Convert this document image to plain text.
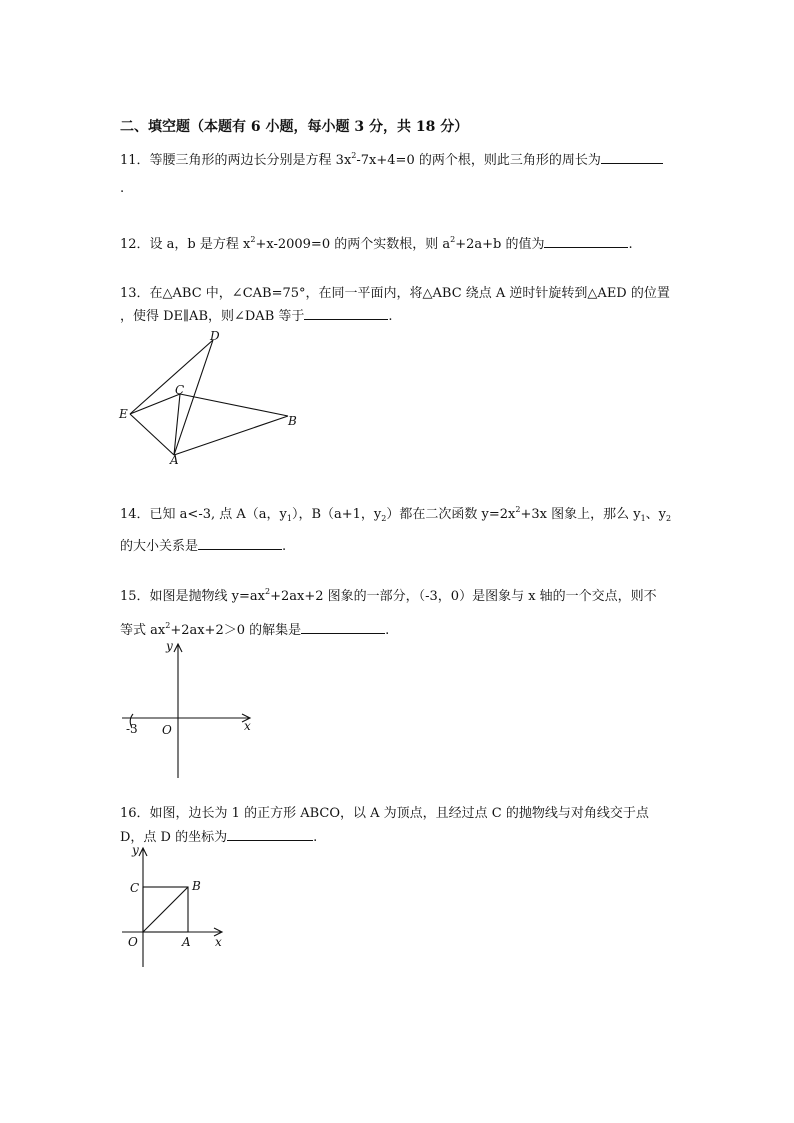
二、填空题（本题有 6 小题，每小题 3 分，共 18 分）
11．等腰三角形的两边长分别是方程 $3x^2-7x+4=0$ 的两个根，则此三角形的周长为
.
12．设 a，b 是方程 $x^2+x-2009=0$ 的两个实数根，则 $a^2+2a+b$ 的值为	.
13．在△ABC 中，∠CAB=75°，在同一平面内，将△ABC 绕点 A 逆时针旋转到△AED 的位置
，使得 DE∥AB，则∠DAB 等于	.
D
C
E	B
A
14．已知 a<-3, 点 A（a，$y_1$），B（a+1，$y_2$）都在二次函数 $y=2x^2+3x$ 图象上，那么 $y_1$、$y_2$
的大小关系是	.
15．如图是抛物线 $y=ax^2+2ax+2$ 图象的一部分，（-3，0）是图象与 x 轴的一个交点，则不
等式 $ax^2+2ax+2>0$ 的解集是	.
y
x
O
-3
16．如图，边长为 1 的正方形 ABCO，以 A 为顶点，且经过点 C 的抛物线与对角线交于点
D，点 D 的坐标为	.
y
x
O	A
B
C
